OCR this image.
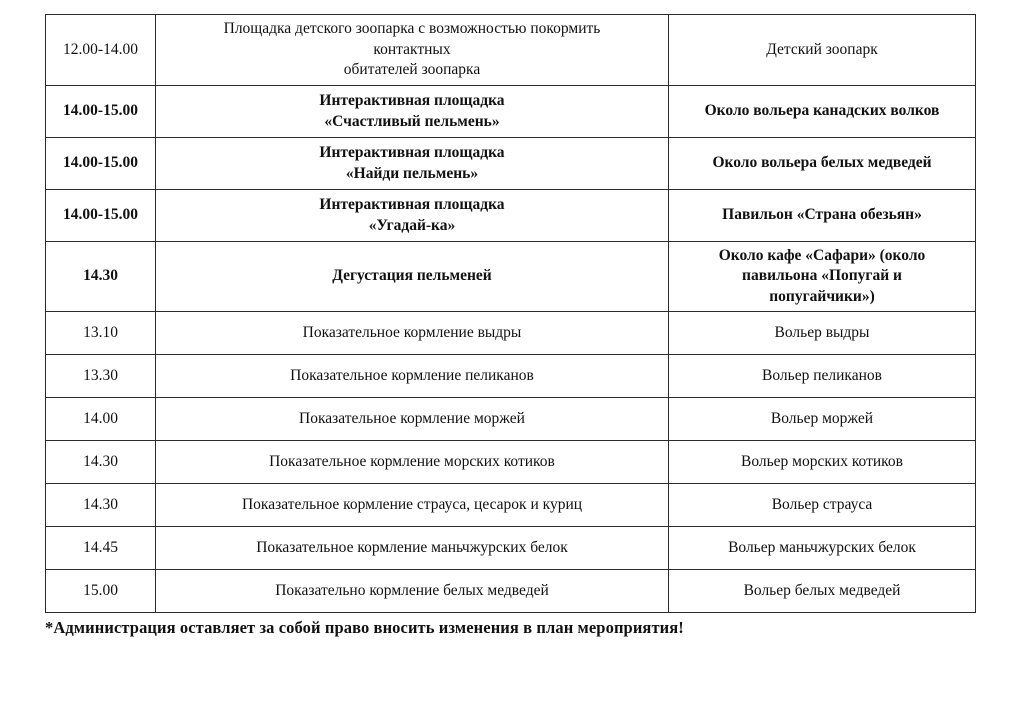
12.00-14.00	Площадка детского зоопарка с возможностью покормить
контактных
обитателей зоопарка	Детский зоопарк

14.00-15.00	Интерактивная площадка
«Счастливый пельмень»	Около вольера канадских волков

14.00-15.00	Интерактивная площадка
«Найди пельмень»	Около вольера белых медведей

14.00-15.00	Интерактивная площадка
«Угадай-ка»	Павильон «Страна обезьян»

14.30	Дегустация пельменей	Около кафе «Сафари» (около
павильона «Попугай и
попугайчики»)

13.10	Показательное кормление выдры	Вольер выдры

13.30	Показательное кормление пеликанов	Вольер пеликанов

14.00	Показательное кормление моржей	Вольер моржей

14.30	Показательное кормление морских котиков	Вольер морских котиков

14.30	Показательное кормление страуса, цесарок и куриц	Вольер страуса

14.45	Показательное кормление маньчжурских белок	Вольер маньчжурских белок

15.00	Показательно кормление белых медведей	Вольер белых медведей
*Администрация оставляет за собой право вносить изменения в план мероприятия!
